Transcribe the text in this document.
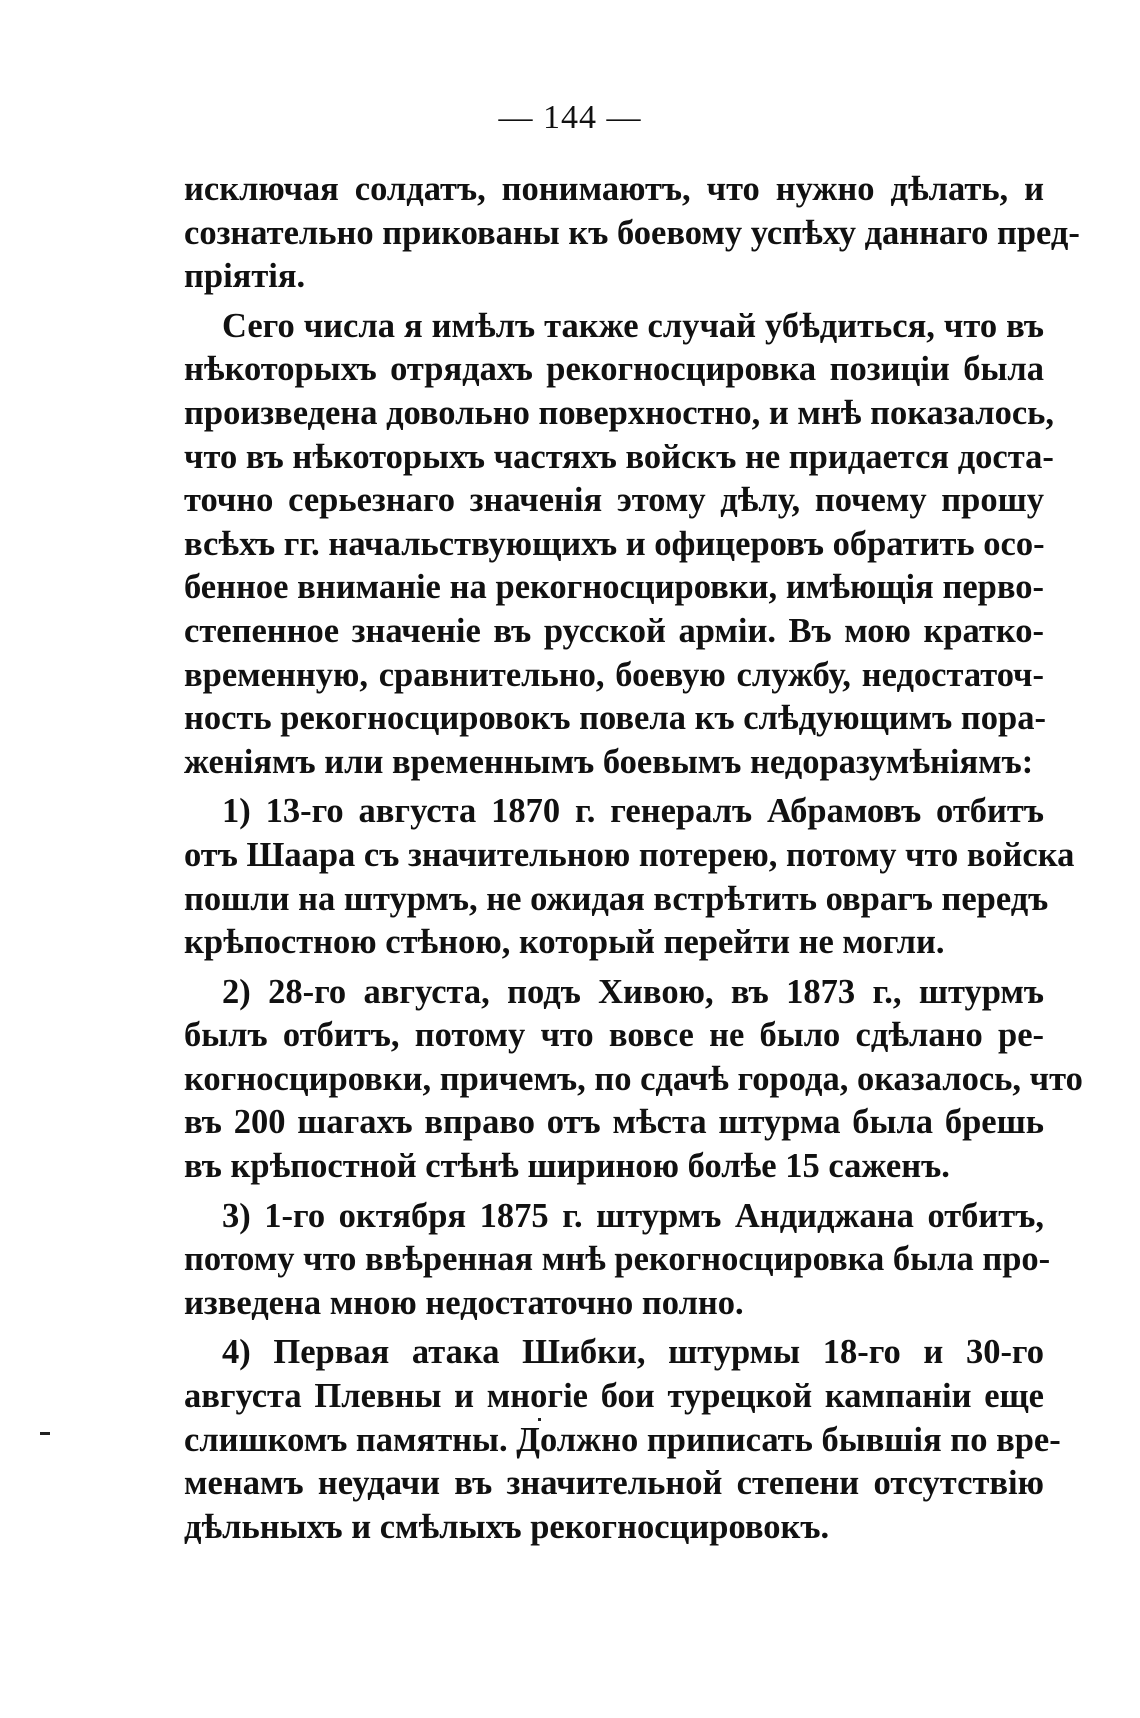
— 144 —
исключая солдатъ, понимаютъ, что нужно дѣлать, и
сознательно прикованы къ боевому успѣху даннаго пред-
пріятія.
Сего числа я имѣлъ также случай убѣдиться, что въ
нѣкоторыхъ отрядахъ рекогносцировка позиціи была
произведена довольно поверхностно, и мнѣ показалось,
что въ нѣкоторыхъ частяхъ войскъ не придается доста-
точно серьезнаго значенія этому дѣлу, почему прошу
всѣхъ гг. начальствующихъ и офицеровъ обратить осо-
бенное вниманіе на рекогносцировки, имѣющія перво-
степенное значеніе въ русской арміи. Въ мою кратко-
временную, сравнительно, боевую службу, недостаточ-
ность рекогносцировокъ повела къ слѣдующимъ пора-
женіямъ или временнымъ боевымъ недоразумѣніямъ:
1) 13-го августа 1870 г. генералъ Абрамовъ отбитъ
отъ Шаара съ значительною потерею, потому что войска
пошли на штурмъ, не ожидая встрѣтить оврагъ передъ
крѣпостною стѣною, который перейти не могли.
2) 28-го августа, подъ Хивою, въ 1873 г., штурмъ
былъ отбитъ, потому что вовсе не было сдѣлано ре-
когносцировки, причемъ, по сдачѣ города, оказалось, что
въ 200 шагахъ вправо отъ мѣста штурма была брешь
въ крѣпостной стѣнѣ шириною болѣе 15 саженъ.
3) 1-го октября 1875 г. штурмъ Андиджана отбитъ,
потому что ввѣренная мнѣ рекогносцировка была про-
изведена мною недостаточно полно.
4) Первая атака Шибки, штурмы 18-го и 30-го
августа Плевны и многіе бои турецкой кампаніи еще
слишкомъ памятны. Должно приписать бывшія по вре-
менамъ неудачи въ значительной степени отсутствію
дѣльныхъ и смѣлыхъ рекогносцировокъ.
